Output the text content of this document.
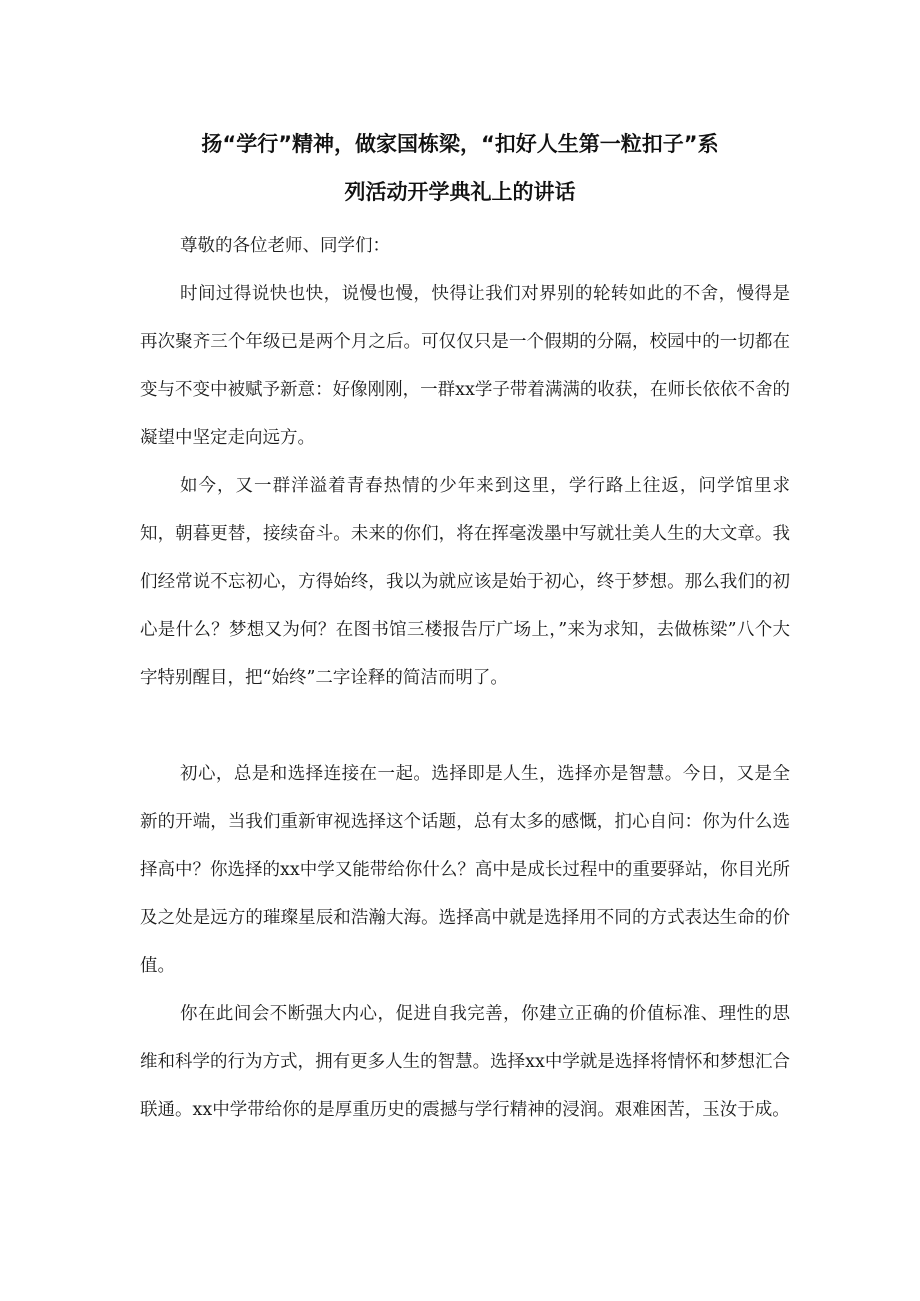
扬“学行”精神，做家国栋梁，“扣好人生第一粒扣子”系
列活动开学典礼上的讲话

尊敬的各位老师、同学们：

时间过得说快也快，说慢也慢，快得让我们对界别的轮转如此的不舍，慢得是再次聚齐三个年级已是两个月之后。可仅仅只是一个假期的分隔，校园中的一切都在变与不变中被赋予新意：好像刚刚，一群xx学子带着满满的收获，在师长依依不舍的凝望中坚定走向远方。

如今，又一群洋溢着青春热情的少年来到这里，学行路上往返，问学馆里求知，朝暮更替，接续奋斗。未来的你们，将在挥毫泼墨中写就壮美人生的大文章。我们经常说不忘初心，方得始终，我以为就应该是始于初心，终于梦想。那么我们的初心是什么？梦想又为何？在图书馆三楼报告厅广场上，”来为求知，去做栋梁”八个大字特别醒目，把“始终”二字诠释的简洁而明了。

初心，总是和选择连接在一起。选择即是人生，选择亦是智慧。今日，又是全新的开端，当我们重新审视选择这个话题，总有太多的感慨，扪心自问：你为什么选择高中？你选择的xx中学又能带给你什么？高中是成长过程中的重要驿站，你目光所及之处是远方的璀璨星辰和浩瀚大海。选择高中就是选择用不同的方式表达生命的价值。

你在此间会不断强大内心，促进自我完善，你建立正确的价值标准、理性的思维和科学的行为方式，拥有更多人生的智慧。选择xx中学就是选择将情怀和梦想汇合联通。xx中学带给你的是厚重历史的震撼与学行精神的浸润。艰难困苦，玉汝于成。
